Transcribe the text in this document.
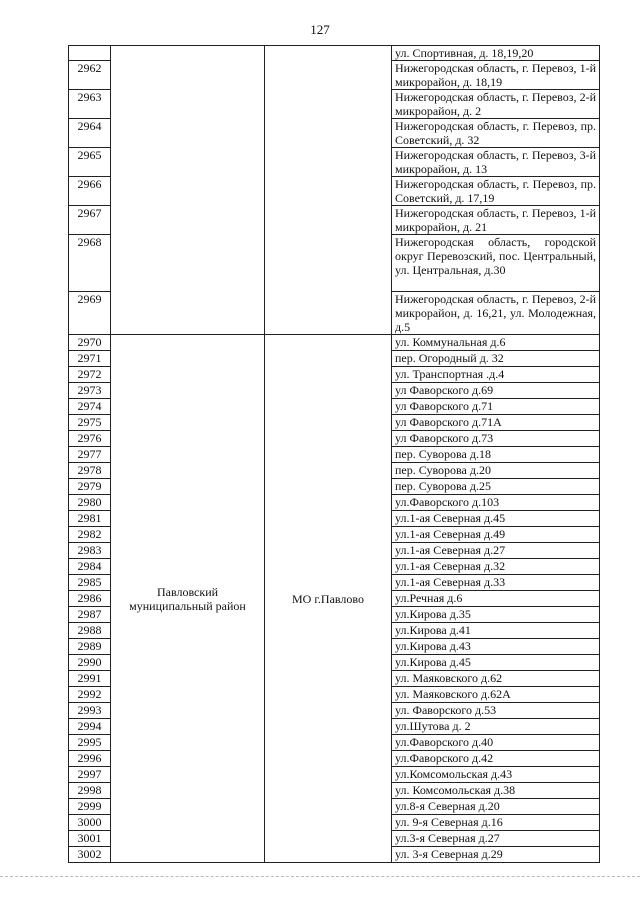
127
			ул. Спортивная, д. 18,19,20
2962			Нижегородская область, г. Перевоз, 1-й микрорайон, д. 18,19
2963			Нижегородская область, г. Перевоз, 2-й микрорайон, д. 2
2964			Нижегородская область, г. Перевоз, пр. Советский, д. 32
2965			Нижегородская область, г. Перевоз, 3-й микрорайон, д. 13
2966			Нижегородская область, г. Перевоз, пр. Советский, д. 17,19
2967			Нижегородская область, г. Перевоз, 1-й микрорайон, д. 21
2968			Нижегородская область, городской округ Перевозский, пос. Центральный, ул. Центральная, д.30
2969			Нижегородская область, г. Перевоз, 2-й микрорайон, д. 16,21, ул. Молодежная, д.5
2970	Павловский муниципальный район	МО г.Павлово	ул. Коммунальная д.6
2971			пер. Огородный д. 32
2972			ул. Транспортная .д.4
2973			ул Фаворского д.69
2974			ул Фаворского д.71
2975			ул Фаворского д.71А
2976			ул Фаворского д.73
2977			пер. Суворова д.18
2978			пер. Суворова д.20
2979			пер. Суворова д.25
2980			ул.Фаворского д.103
2981			ул.1-ая Северная д.45
2982			ул.1-ая Северная д.49
2983			ул.1-ая Северная д.27
2984			ул.1-ая Северная д.32
2985			ул.1-ая Северная д.33
2986			ул.Речная д.6
2987			ул.Кирова д.35
2988			ул.Кирова д.41
2989			ул.Кирова д.43
2990			ул.Кирова д.45
2991			ул. Маяковского д.62
2992			ул. Маяковского д.62А
2993			ул. Фаворского д.53
2994			ул.Шутова д. 2
2995			ул.Фаворского д.40
2996			ул.Фаворского д.42
2997			ул.Комсомольская д.43
2998			ул. Комсомольская д.38
2999			ул.8-я Северная д.20
3000			ул. 9-я Северная д.16
3001			ул.3-я Северная д.27
3002			ул. 3-я Северная д.29
